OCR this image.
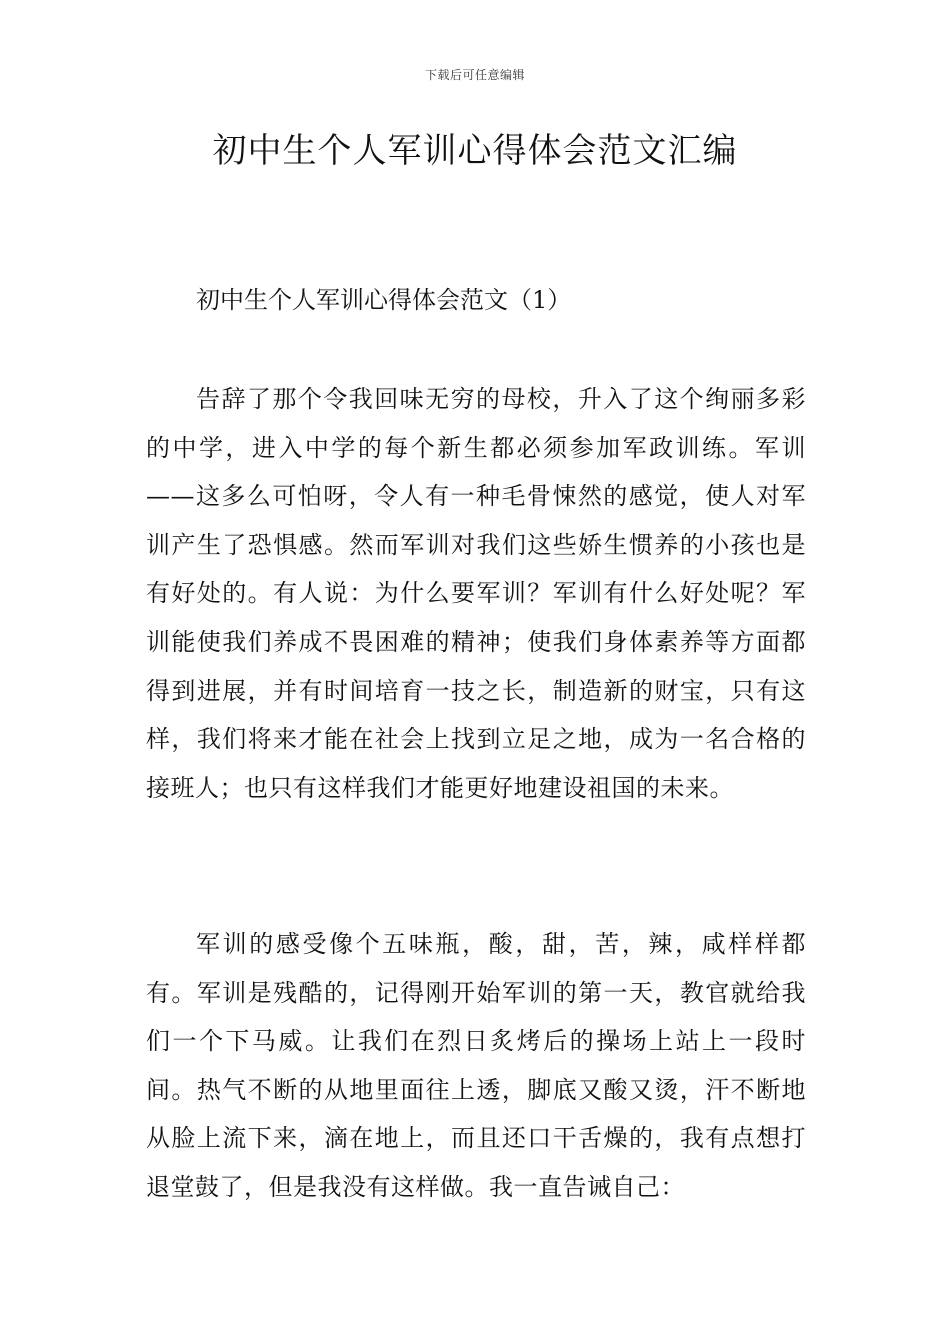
下载后可任意编辑
初中生个人军训心得体会范文汇编
初中生个人军训心得体会范文（1）

告辞了那个令我回味无穷的母校，升入了这个绚丽多彩的中学，进入中学的每个新生都必须参加军政训练。军训——这多么可怕呀，令人有一种毛骨悚然的感觉，使人对军训产生了恐惧感。然而军训对我们这些娇生惯养的小孩也是有好处的。有人说：为什么要军训？军训有什么好处呢？军训能使我们养成不畏困难的精神；使我们身体素养等方面都得到进展，并有时间培育一技之长，制造新的财宝，只有这样，我们将来才能在社会上找到立足之地，成为一名合格的接班人；也只有这样我们才能更好地建设祖国的未来。

军训的感受像个五味瓶，酸，甜，苦，辣，咸样样都有。军训是残酷的，记得刚开始军训的第一天，教官就给我们一个下马威。让我们在烈日炙烤后的操场上站上一段时间。热气不断的从地里面往上透，脚底又酸又烫，汗不断地从脸上流下来，滴在地上，而且还口干舌燥的，我有点想打退堂鼓了，但是我没有这样做。我一直告诫自己：
